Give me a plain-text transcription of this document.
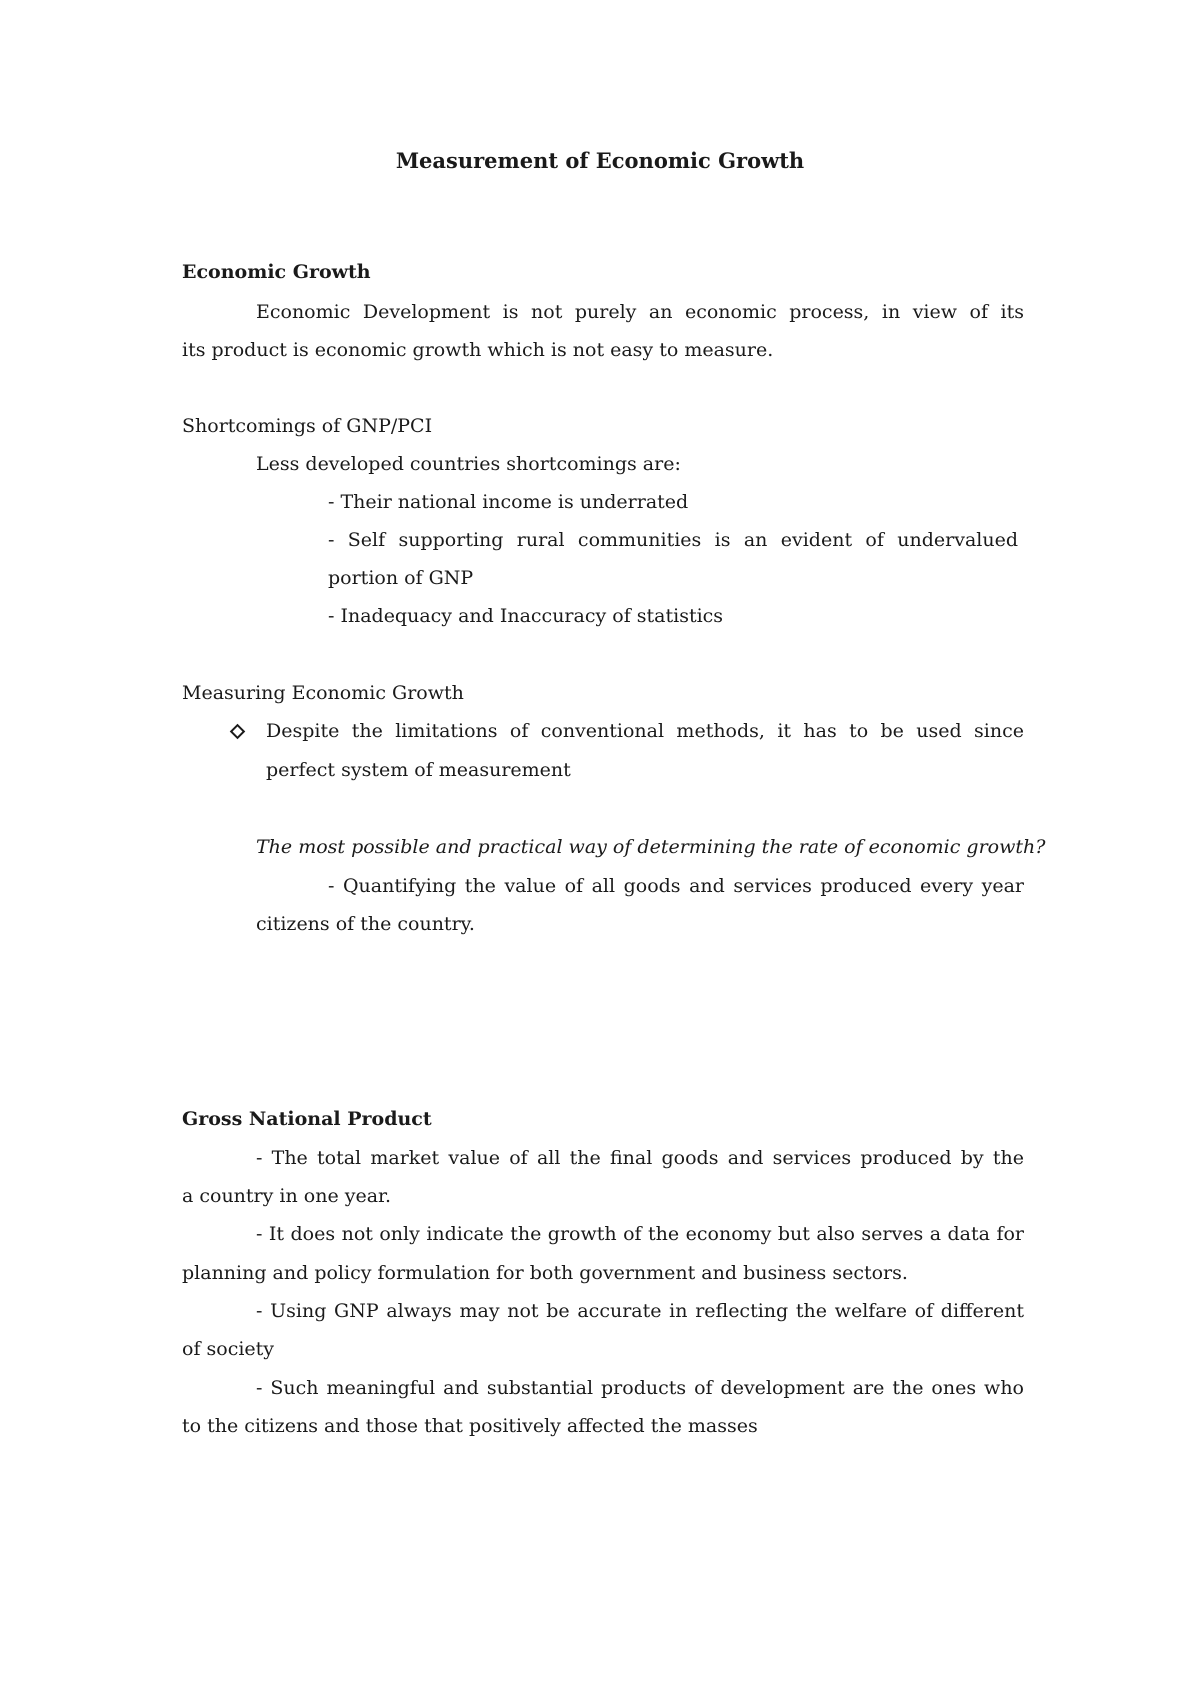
Measurement of Economic Growth
Economic Growth
Economic Development is not purely an economic process, in view of its
its product is economic growth which is not easy to measure.
Shortcomings of GNP/PCI
Less developed countries shortcomings are:
- Their national income is underrated
- Self supporting rural communities is an evident of undervalued
portion of GNP
- Inadequacy and Inaccuracy of statistics
Measuring Economic Growth
Despite the limitations of conventional methods, it has to be used since
perfect system of measurement
The most possible and practical way of determining the rate of economic growth?
- Quantifying the value of all goods and services produced every year
citizens of the country.
Gross National Product
- The total market value of all the final goods and services produced by the
a country in one year.
- It does not only indicate the growth of the economy but also serves a data for
planning and policy formulation for both government and business sectors.
- Using GNP always may not be accurate in reflecting the welfare of different
of society
- Such meaningful and substantial products of development are the ones who
to the citizens and those that positively affected the masses
